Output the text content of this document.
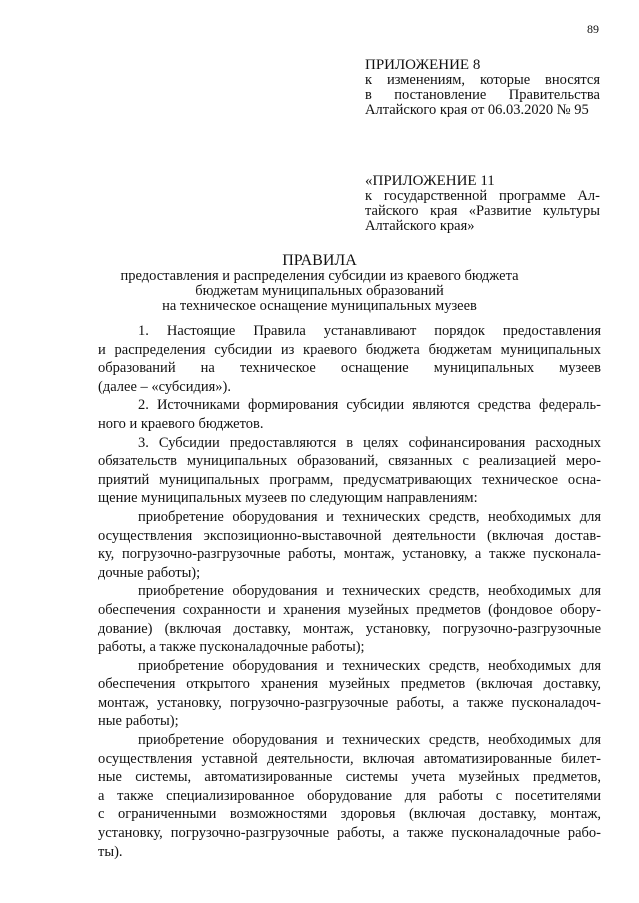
89
ПРИЛОЖЕНИЕ 8
к изменениям, которые вносятся
в постановление Правительства
Алтайского края от 06.03.2020 № 95
«ПРИЛОЖЕНИЕ 11
к государственной программе Ал-
тайского края «Развитие культуры
Алтайского края»
ПРАВИЛА
предоставления и распределения субсидии из краевого бюджета
бюджетам муниципальных образований
на техническое оснащение муниципальных музеев
1. Настоящие Правила устанавливают порядок предоставления
и распределения субсидии из краевого бюджета бюджетам муниципальных
образований на техническое оснащение муниципальных музеев
(далее – «субсидия»).
2. Источниками формирования субсидии являются средства федераль-
ного и краевого бюджетов.
3. Субсидии предоставляются в целях софинансирования расходных
обязательств муниципальных образований, связанных с реализацией меро-
приятий муниципальных программ, предусматривающих техническое осна-
щение муниципальных музеев по следующим направлениям:
приобретение оборудования и технических средств, необходимых для
осуществления экспозиционно-выставочной деятельности (включая достав-
ку, погрузочно-разгрузочные работы, монтаж, установку, а также пусконала-
дочные работы);
приобретение оборудования и технических средств, необходимых для
обеспечения сохранности и хранения музейных предметов (фондовое обору-
дование) (включая доставку, монтаж, установку, погрузочно-разгрузочные
работы, а также пусконаладочные работы);
приобретение оборудования и технических средств, необходимых для
обеспечения открытого хранения музейных предметов (включая доставку,
монтаж, установку, погрузочно-разгрузочные работы, а также пусконаладоч-
ные работы);
приобретение оборудования и технических средств, необходимых для
осуществления уставной деятельности, включая автоматизированные билет-
ные системы, автоматизированные системы учета музейных предметов,
а также специализированное оборудование для работы с посетителями
с ограниченными возможностями здоровья (включая доставку, монтаж,
установку, погрузочно-разгрузочные работы, а также пусконаладочные рабо-
ты).
